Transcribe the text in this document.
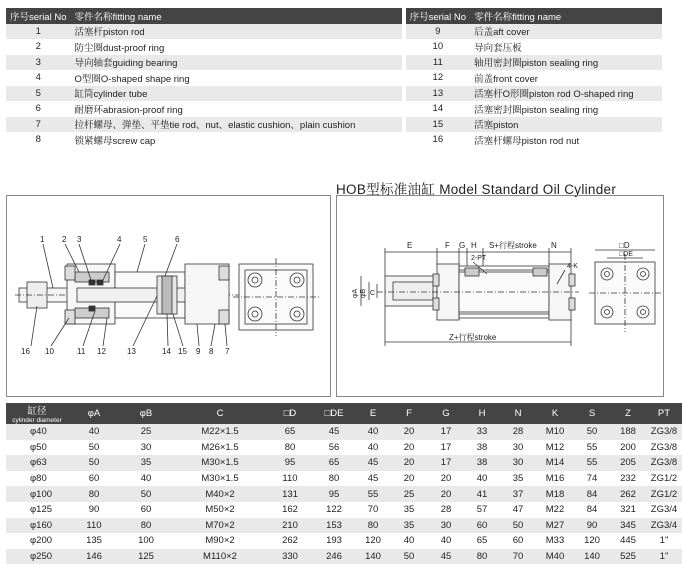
序号serial No	零件名称fitting name		序号serial No	零件名称fitting name
1	活塞杆piston rod		9	后盖aft cover
2	防尘圈dust-proof ring		10	导向套压板
3	导向轴套guiding bearing		11	轴用密封圈piston sealing ring
4	O型圈O-shaped shape ring		12	前盖front cover
5	缸筒cylinder tube		13	活塞杆O形圈piston rod O-shaped ring
6	耐磨环abrasion-proof ring		14	活塞密封圈piston sealing ring
7	拉杆螺母、弹垫、平垫tie rod、nut、elastic cushion、plain cushion		15	活塞piston
8	锁紧螺母screw cap		16	活塞杆螺母piston rod nut
HOB型标准油缸 Model Standard Oil Cylinder
1 2 3	4	5	6
16 10	11 12	13	14 15 9 8 7
E	F G H S+行程stroke N
2-PT
4-K
Z+行程stroke
□D
□DE
φA φB C
缸径
cylinder diameter	φA	φB	C	□D	□DE	E	F	G	H	N	K	S	Z	PT
φ40	40	25	M22×1.5	65	45	40	20	17	33	28	M10	50	188	ZG3/8
φ50	50	30	M26×1.5	80	56	40	20	17	38	30	M12	55	200	ZG3/8
φ63	50	35	M30×1.5	95	65	45	20	17	38	30	M14	55	205	ZG3/8
φ80	60	40	M30×1.5	110	80	45	20	20	40	35	M16	74	232	ZG1/2
φ100	80	50	M40×2	131	95	55	25	20	41	37	M18	84	262	ZG1/2
φ125	90	60	M50×2	162	122	70	35	28	57	47	M22	84	321	ZG3/4
φ160	110	80	M70×2	210	153	80	35	30	60	50	M27	90	345	ZG3/4
φ200	135	100	M90×2	262	193	120	40	40	65	60	M33	120	445	1"
φ250	146	125	M110×2	330	246	140	50	45	80	70	M40	140	525	1"
